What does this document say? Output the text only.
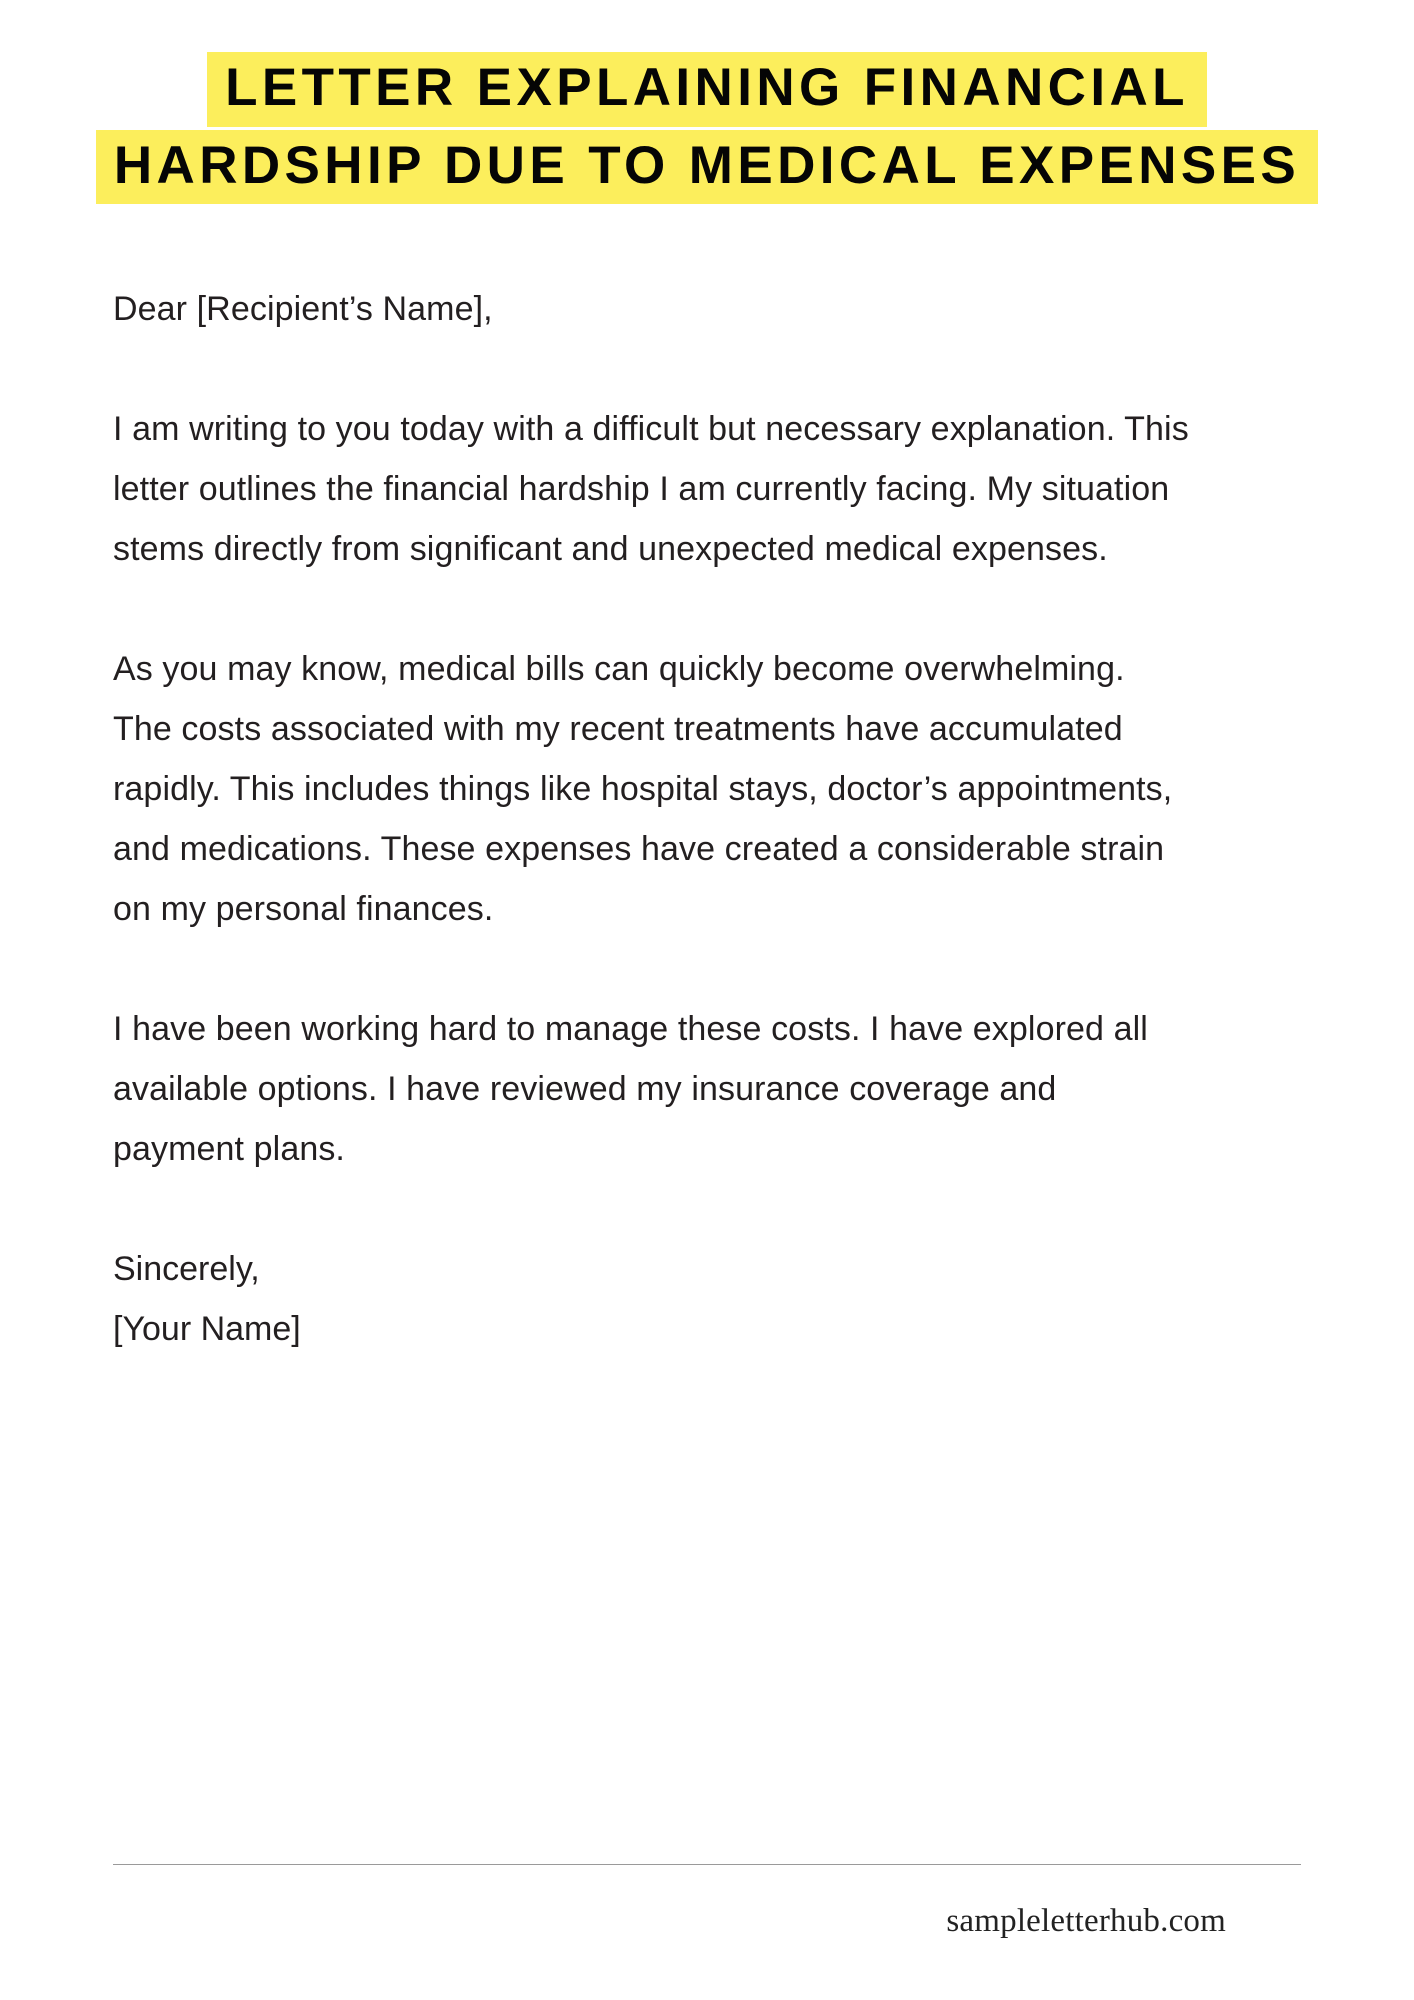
LETTER EXPLAINING FINANCIAL
HARDSHIP DUE TO MEDICAL EXPENSES

Dear [Recipient’s Name],

I am writing to you today with a difficult but necessary explanation. This letter outlines the financial hardship I am currently facing. My situation stems directly from significant and unexpected medical expenses.

As you may know, medical bills can quickly become overwhelming. The costs associated with my recent treatments have accumulated rapidly. This includes things like hospital stays, doctor’s appointments, and medications. These expenses have created a considerable strain on my personal finances.

I have been working hard to manage these costs. I have explored all available options. I have reviewed my insurance coverage and payment plans.

Sincerely,

[Your Name]

sampleletterhub.com
